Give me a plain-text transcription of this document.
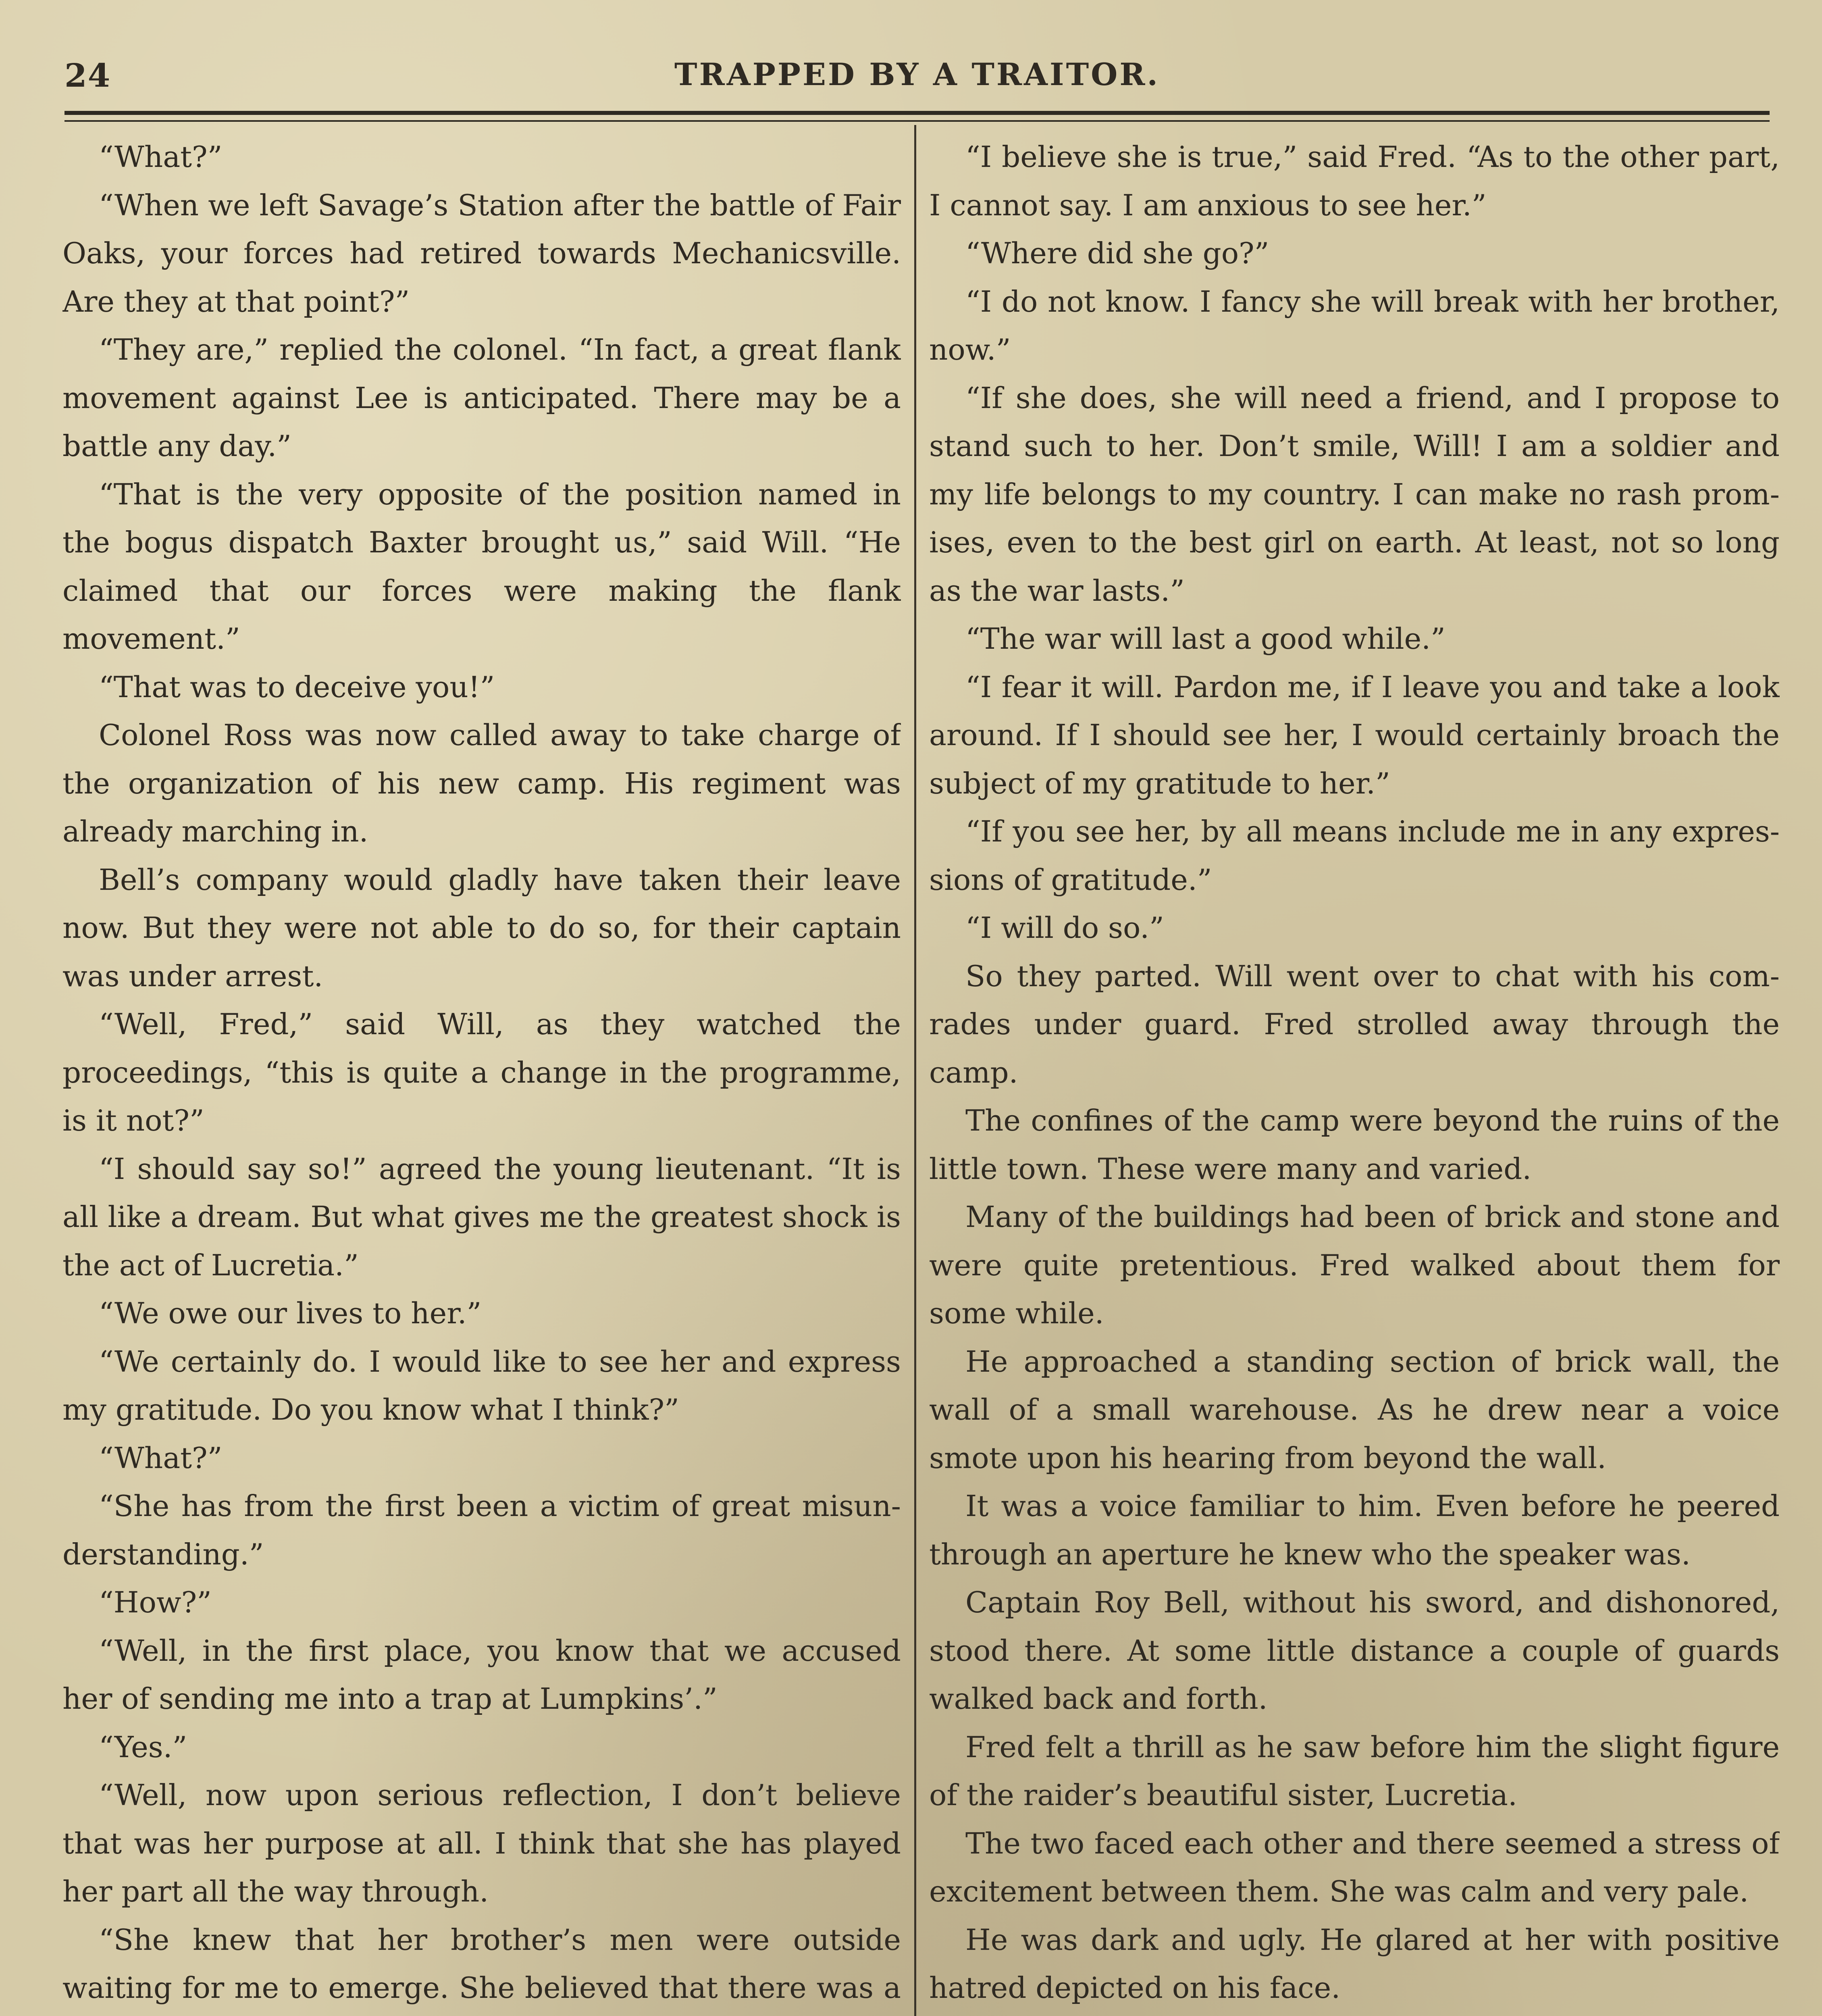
24	TRAPPED BY A TRAITOR.

“What?”

“When we left Savage’s Station after the battle of Fair Oaks, your forces had retired towards Mechanicsville. Are they at that point?”

“They are,” replied the colonel. “In fact, a great flank movement against Lee is anticipated. There may be a battle any day.”

“That is the very opposite of the position named in the bogus dispatch Baxter brought us,” said Will. “He claimed that our forces were making the flank movement.”

“That was to deceive you!”

Colonel Ross was now called away to take charge of the organization of his new camp. His regiment was already marching in.

Bell’s company would gladly have taken their leave now. But they were not able to do so, for their captain was under arrest.

“Well, Fred,” said Will, as they watched the proceedings, “this is quite a change in the programme, is it not?”

“I should say so!” agreed the young lieutenant. “It is all like a dream. But what gives me the greatest shock is the act of Lucretia.”

“We owe our lives to her.”

“We certainly do. I would like to see her and express my gratitude. Do you know what I think?”

“What?”

“She has from the first been a victim of great misunderstanding.”

“How?”

“Well, in the first place, you know that we accused her of sending me into a trap at Lumpkins’.”

“Yes.”

“Well, now upon serious reflection, I don’t believe that was her purpose at all. I think that she has played her part all the way through.

“She knew that her brother’s men were outside waiting for me to emerge. She believed that there was a

“I believe she is true,” said Fred. “As to the other part, I cannot say. I am anxious to see her.”

“Where did she go?”

“I do not know. I fancy she will break with her brother, now.”

“If she does, she will need a friend, and I propose to stand such to her. Don’t smile, Will! I am a soldier and my life belongs to my country. I can make no rash promises, even to the best girl on earth. At least, not so long as the war lasts.”

“The war will last a good while.”

“I fear it will. Pardon me, if I leave you and take a look around. If I should see her, I would certainly broach the subject of my gratitude to her.”

“If you see her, by all means include me in any expressions of gratitude.”

“I will do so.”

So they parted. Will went over to chat with his comrades under guard. Fred strolled away through the camp.

The confines of the camp were beyond the ruins of the little town. These were many and varied.

Many of the buildings had been of brick and stone and were quite pretentious. Fred walked about them for some while.

He approached a standing section of brick wall, the wall of a small warehouse. As he drew near a voice smote upon his hearing from beyond the wall.

It was a voice familiar to him. Even before he peered through an aperture he knew who the speaker was.

Captain Roy Bell, without his sword, and dishonored, stood there. At some little distance a couple of guards walked back and forth.

Fred felt a thrill as he saw before him the slight figure of the raider’s beautiful sister, Lucretia.

The two faced each other and there seemed a stress of excitement between them. She was calm and very pale.

He was dark and ugly. He glared at her with positive hatred depicted on his face.
